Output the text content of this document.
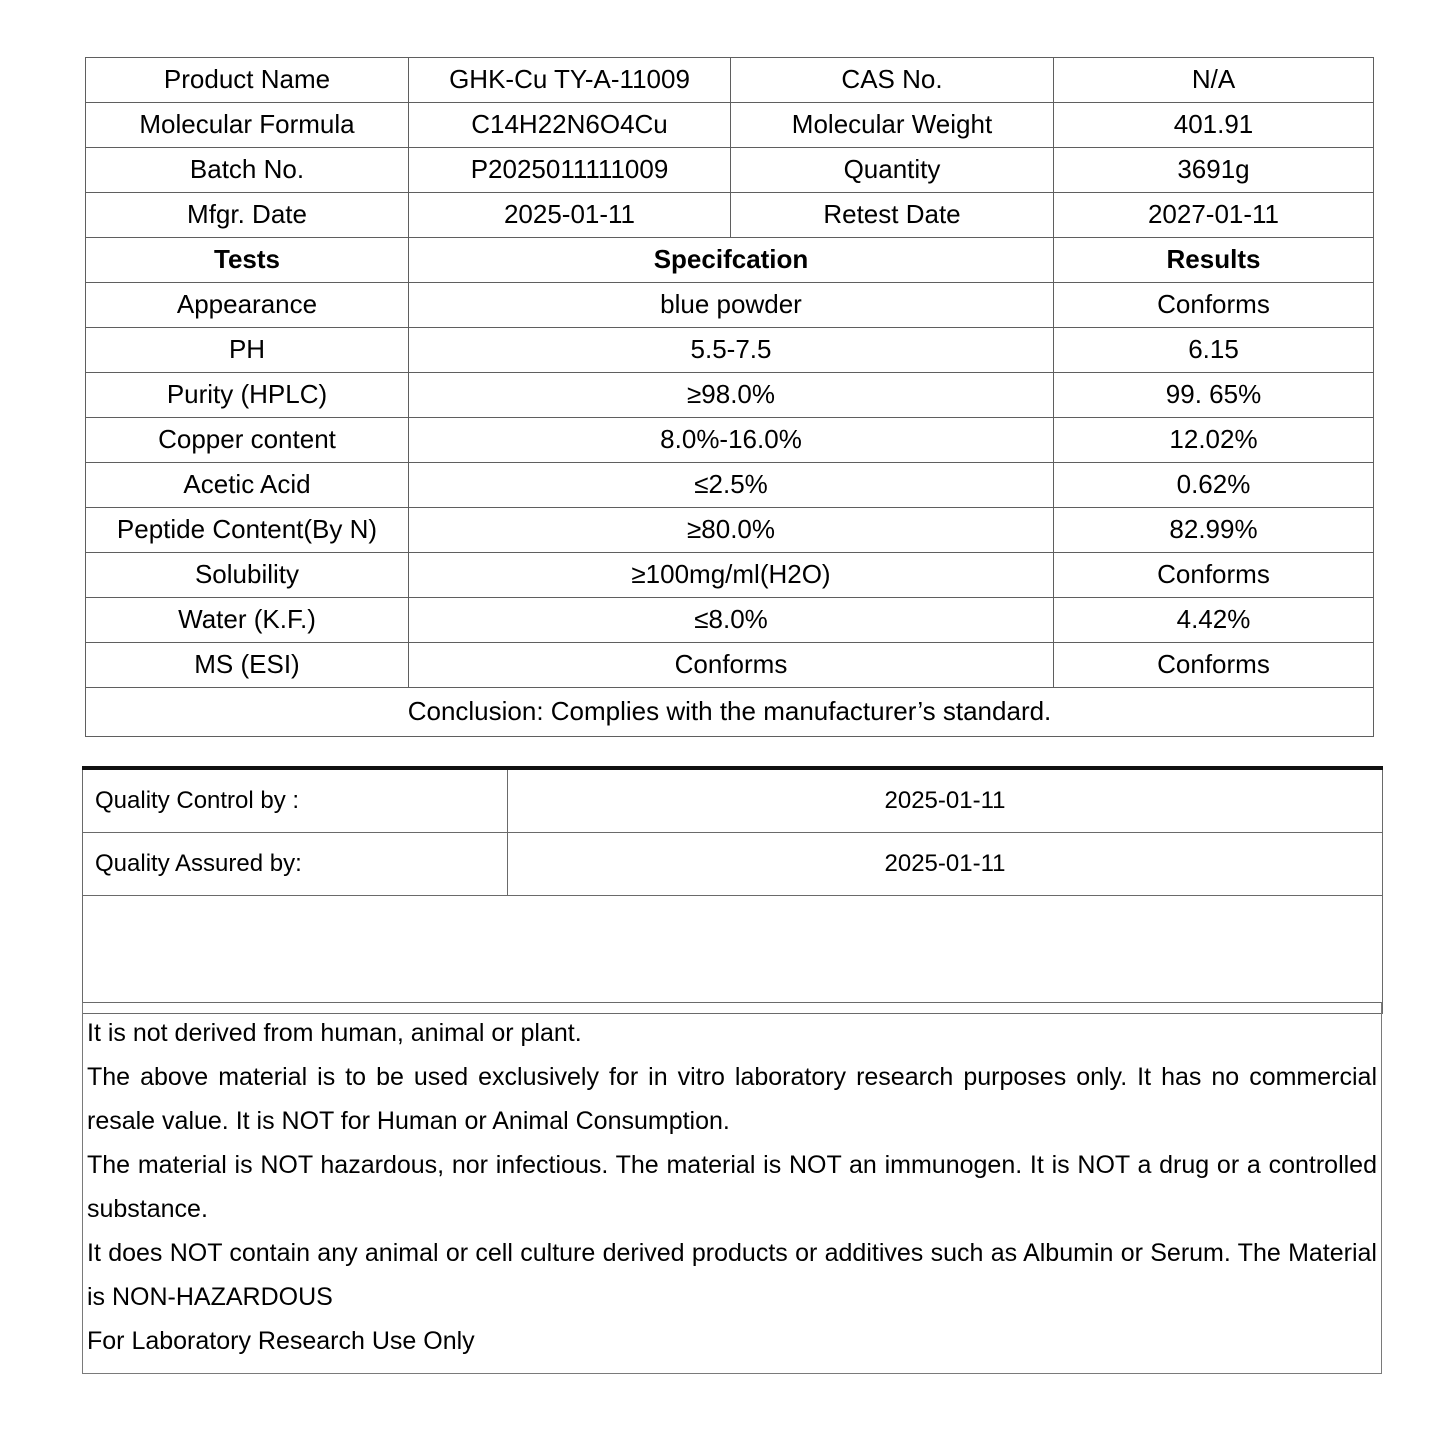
Product Name	GHK-Cu TY-A-11009	CAS No.	N/A
Molecular Formula	C14H22N6O4Cu	Molecular Weight	401.91
Batch No.	P2025011111009	Quantity	3691g
Mfgr. Date	2025-01-11	Retest Date	2027-01-11
Tests	Specifcation		Results
Appearance	blue powder		Conforms
PH	5.5-7.5		6.15
Purity (HPLC)	≥98.0%		99. 65%
Copper content	8.0%-16.0%		12.02%
Acetic Acid	≤2.5%		0.62%
Peptide Content(By N)	≥80.0%		82.99%
Solubility	≥100mg/ml(H2O)		Conforms
Water (K.F.)	≤8.0%		4.42%
MS (ESI)	Conforms		Conforms
Conclusion: Complies with the manufacturer’s standard.			
Quality Control by :	2025-01-11
Quality Assured by:	2025-01-11

It is not derived from human, animal or plant.

The above material is to be used exclusively for in vitro laboratory research purposes only. It has no commercial resale value. It is NOT for Human or Animal Consumption.

The material is NOT hazardous, nor infectious. The material is NOT an immunogen. It is NOT a drug or a controlled substance.

It does NOT contain any animal or cell culture derived products or additives such as Albumin or Serum. The Material is NON-HAZARDOUS

For Laboratory Research Use Only
